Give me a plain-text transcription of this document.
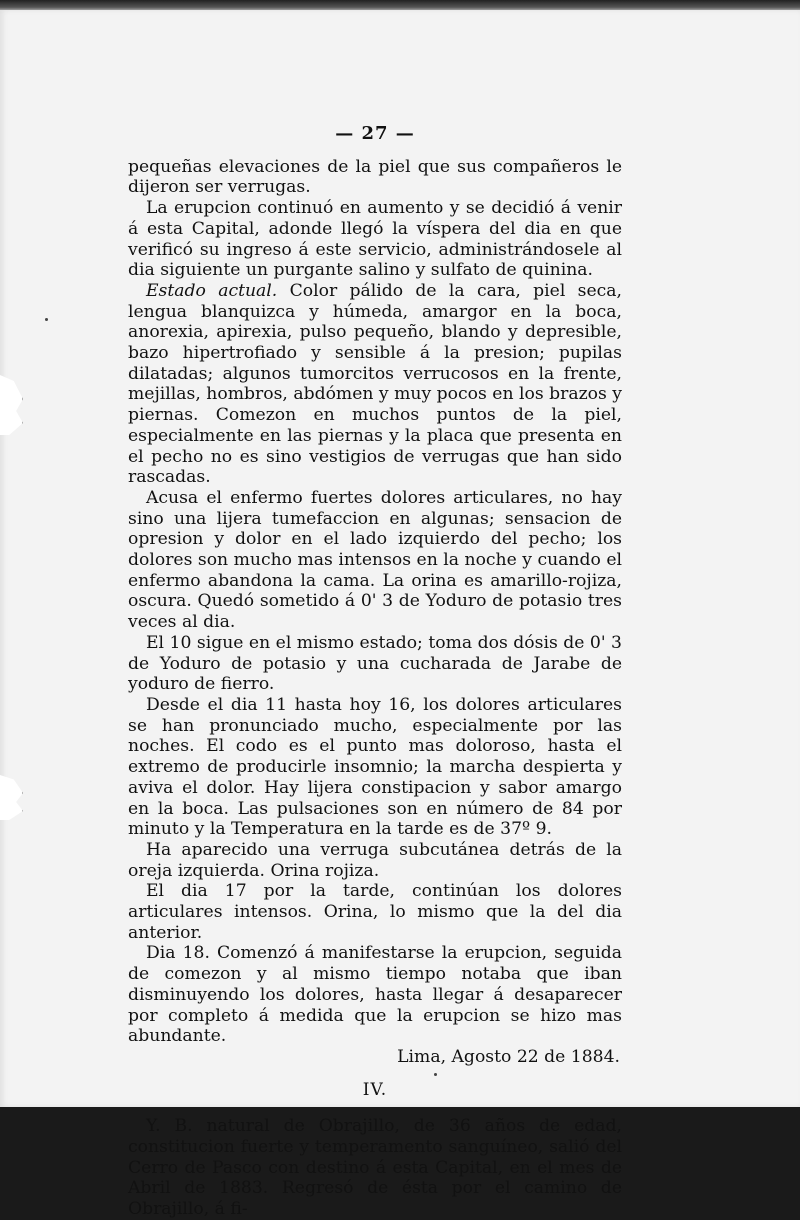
— 27 —

pequeñas elevaciones de la piel que sus compañeros le dijeron ser verrugas.

La erupcion continuó en aumento y se decidió á venir á esta Capital, adonde llegó la víspera del dia en que verificó su ingreso á este servicio, administrándosele al dia siguiente un purgante salino y sulfato de quinina.

Estado actual. Color pálido de la cara, piel seca, lengua blanquizca y húmeda, amargor en la boca, anorexia, apirexia, pulso pequeño, blando y depresible, bazo hipertrofiado y sensible á la presion; pupilas dilatadas; algunos tumorcitos verrucosos en la frente, mejillas, hombros, abdómen y muy pocos en los brazos y piernas. Comezon en muchos puntos de la piel, especialmente en las piernas y la placa que presenta en el pecho no es sino vestigios de verrugas que han sido rascadas.

Acusa el enfermo fuertes dolores articulares, no hay sino una lijera tumefaccion en algunas; sensacion de opresion y dolor en el lado izquierdo del pecho; los dolores son mucho mas intensos en la noche y cuando el enfermo abandona la cama. La orina es amarillo-rojiza, oscura. Quedó sometido á 0' 3 de Yoduro de potasio tres veces al dia.

El 10 sigue en el mismo estado; toma dos dósis de 0' 3 de Yoduro de potasio y una cucharada de Jarabe de yoduro de fierro.

Desde el dia 11 hasta hoy 16, los dolores articulares se han pronunciado mucho, especialmente por las noches. El codo es el punto mas doloroso, hasta el extremo de producirle insomnio; la marcha despierta y aviva el dolor. Hay lijera constipacion y sabor amargo en la boca. Las pulsaciones son en número de 84 por minuto y la Temperatura en la tarde es de 37º 9.

Ha aparecido una verruga subcutánea detrás de la oreja izquierda. Orina rojiza.

El dia 17 por la tarde, continúan los dolores articulares intensos. Orina, lo mismo que la del dia anterior.

Dia 18. Comenzó á manifestarse la erupcion, seguida de comezon y al mismo tiempo notaba que iban disminuyendo los dolores, hasta llegar á desaparecer por completo á medida que la erupcion se hizo mas abundante.

Lima, Agosto 22 de 1884.

IV.

Y. B. natural de Obrajillo, de 36 años de edad, constitucion fuerte y temperamento sanguíneo, salió del Cerro de Pasco con destino á esta Capital, en el mes de Abril de 1883. Regresó de ésta por el camino de Obrajillo, á fi-
